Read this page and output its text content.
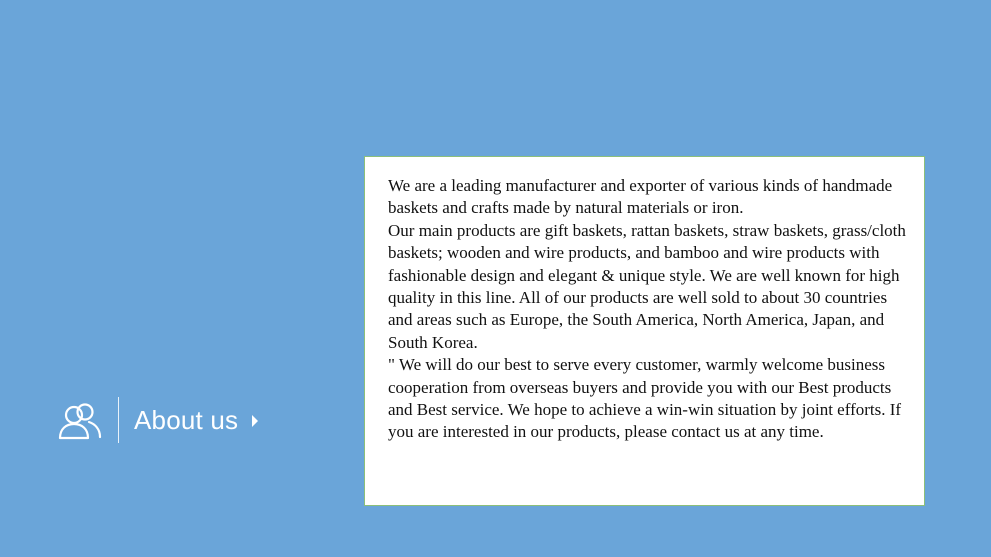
About us

We are a leading manufacturer and exporter of various kinds of handmade baskets and crafts made by natural materials or iron.

Our main products are gift baskets, rattan baskets, straw baskets, grass/cloth baskets; wooden and wire products, and bamboo and wire products with fashionable design and elegant & unique style. We are well known for high quality in this line. All of our products are well sold to about 30 countries and areas such as Europe, the South America, North America, Japan, and South Korea.

" We will do our best to serve every customer, warmly welcome business cooperation from overseas buyers and provide you with our Best products and Best service. We hope to achieve a win-win situation by joint efforts. If you are interested in our products, please contact us at any time.
